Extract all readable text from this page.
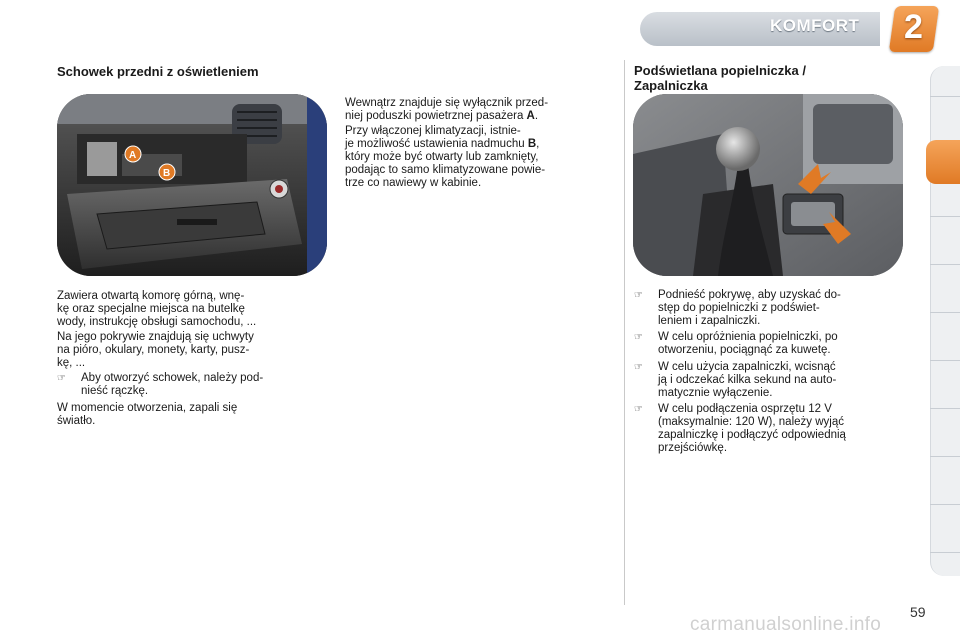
KOMFORT 2
Schowek przedni z oświetleniem
A
B
Zawiera otwartą komorę górną, wnę-
kę oraz specjalne miejsca na butelkę
wody, instrukcję obsługi samochodu, ...
Na jego pokrywie znajdują się uchwyty
na pióro, okulary, monety, karty, pusz-
kę, ...
☞ Aby otworzyć schowek, należy pod-
nieść rączkę.
W momencie otworzenia, zapali się
światło.
Wewnątrz znajduje się wyłącznik przed-
niej poduszki powietrznej pasażera A.
Przy włączonej klimatyzacji, istnie-
je możliwość ustawienia nadmuchu B,
który może być otwarty lub zamknięty,
podając to samo klimatyzowane powie-
trze co nawiewy w kabinie.
Podświetlana popielniczka /
Zapalniczka
☞ Podnieść pokrywę, aby uzyskać do-
stęp do popielniczki z podświet-
leniem i zapalniczki.
☞ W celu opróżnienia popielniczki, po
otworzeniu, pociągnąć za kuwetę.
☞ W celu użycia zapalniczki, wcisnąć
ją i odczekać kilka sekund na auto-
matycznie wyłączenie.
☞ W celu podłączenia osprzętu 12 V
(maksymalnie: 120 W), należy wyjąć
zapalniczkę i podłączyć odpowiednią
przejściówkę.
59
carmanualsonline.info
